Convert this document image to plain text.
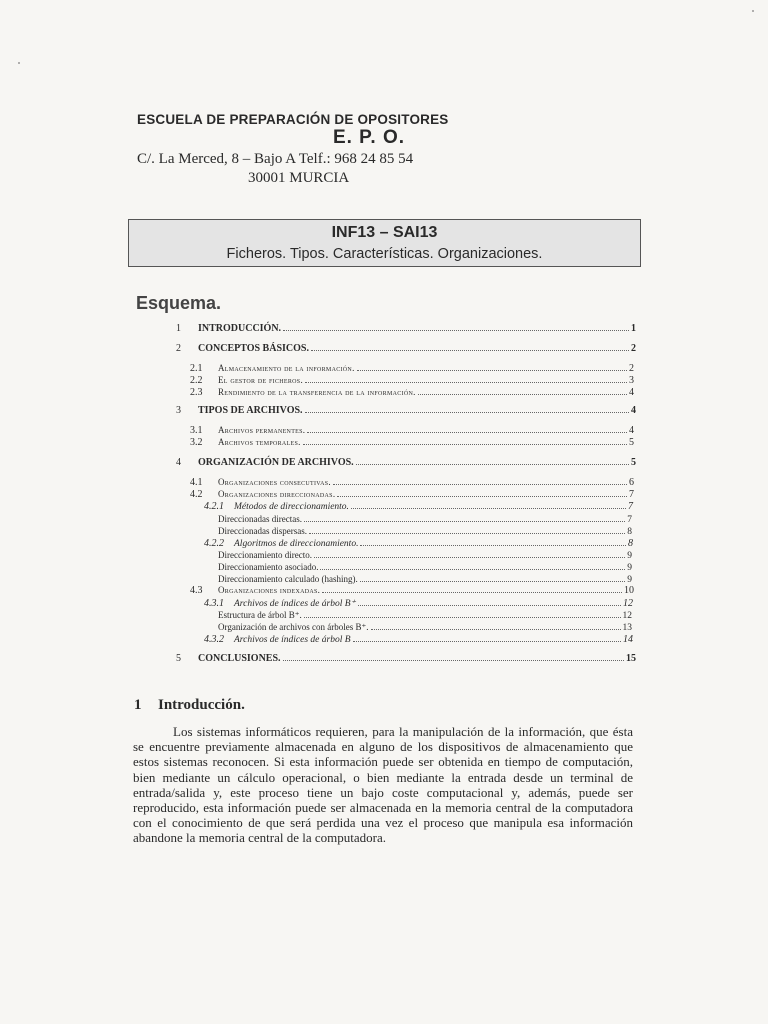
ESCUELA DE PREPARACIÓN DE OPOSITORES
E. P. O.
C/. La Merced, 8 – Bajo A Telf.: 968 24 85 54
30001 MURCIA
INF13 – SAI13
Ficheros. Tipos. Características. Organizaciones.
Esquema.
1	INTRODUCCIÓN.	1
2	CONCEPTOS BÁSICOS.	2
2.1	Almacenamiento de la información.	2
2.2	El gestor de ficheros.	3
2.3	Rendimiento de la transferencia de la información.	4
3	TIPOS DE ARCHIVOS.	4
3.1	Archivos permanentes.	4
3.2	Archivos temporales.	5
4	ORGANIZACIÓN DE ARCHIVOS.	5
4.1	Organizaciones consecutivas.	6
4.2	Organizaciones direccionadas.	7
4.2.1	Métodos de direccionamiento.	7
Direccionadas directas.	7
Direccionadas dispersas.	8
4.2.2	Algoritmos de direccionamiento.	8
Direccionamiento directo.	9
Direccionamiento asociado.	9
Direccionamiento calculado (hashing).	9
4.3	Organizaciones indexadas.	10
4.3.1	Archivos de índices de árbol B⁺	12
Estructura de árbol B⁺.	12
Organización de archivos con árboles B⁺.	13
4.3.2	Archivos de índices de árbol B	14
5	CONCLUSIONES.	15
1 Introducción.
Los sistemas informáticos requieren, para la manipulación de la información, que ésta se encuentre previamente almacenada en alguno de los dispositivos de almacenamiento que estos sistemas reconocen. Si esta información puede ser obtenida en tiempo de computación, bien mediante un cálculo operacional, o bien mediante la entrada desde un terminal de entrada/salida y, este proceso tiene un bajo coste computacional y, además, puede ser reproducido, esta información puede ser almacenada en la memoria central de la computadora con el conocimiento de que será perdida una vez el proceso que manipula esa información abandone la memoria central de la computadora.
